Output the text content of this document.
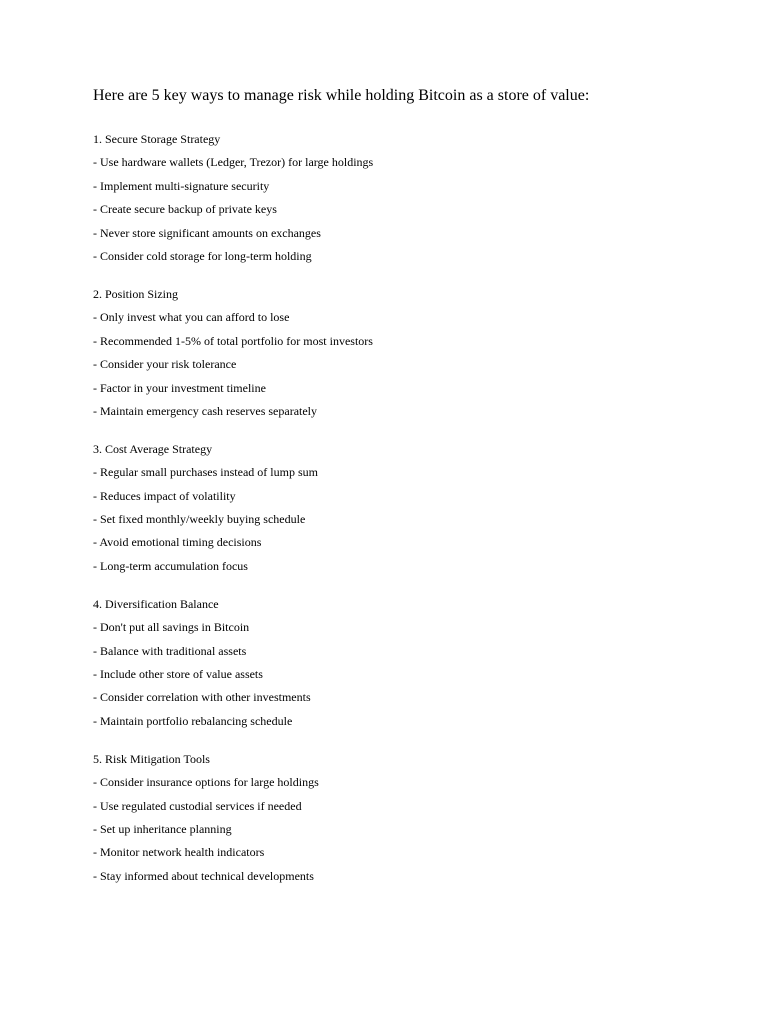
Here are 5 key ways to manage risk while holding Bitcoin as a store of value:
1. Secure Storage Strategy
- Use hardware wallets (Ledger, Trezor) for large holdings
- Implement multi-signature security
- Create secure backup of private keys
- Never store significant amounts on exchanges
- Consider cold storage for long-term holding
2. Position Sizing
- Only invest what you can afford to lose
- Recommended 1-5% of total portfolio for most investors
- Consider your risk tolerance
- Factor in your investment timeline
- Maintain emergency cash reserves separately
3. Cost Average Strategy
- Regular small purchases instead of lump sum
- Reduces impact of volatility
- Set fixed monthly/weekly buying schedule
- Avoid emotional timing decisions
- Long-term accumulation focus
4. Diversification Balance
- Don't put all savings in Bitcoin
- Balance with traditional assets
- Include other store of value assets
- Consider correlation with other investments
- Maintain portfolio rebalancing schedule
5. Risk Mitigation Tools
- Consider insurance options for large holdings
- Use regulated custodial services if needed
- Set up inheritance planning
- Monitor network health indicators
- Stay informed about technical developments
